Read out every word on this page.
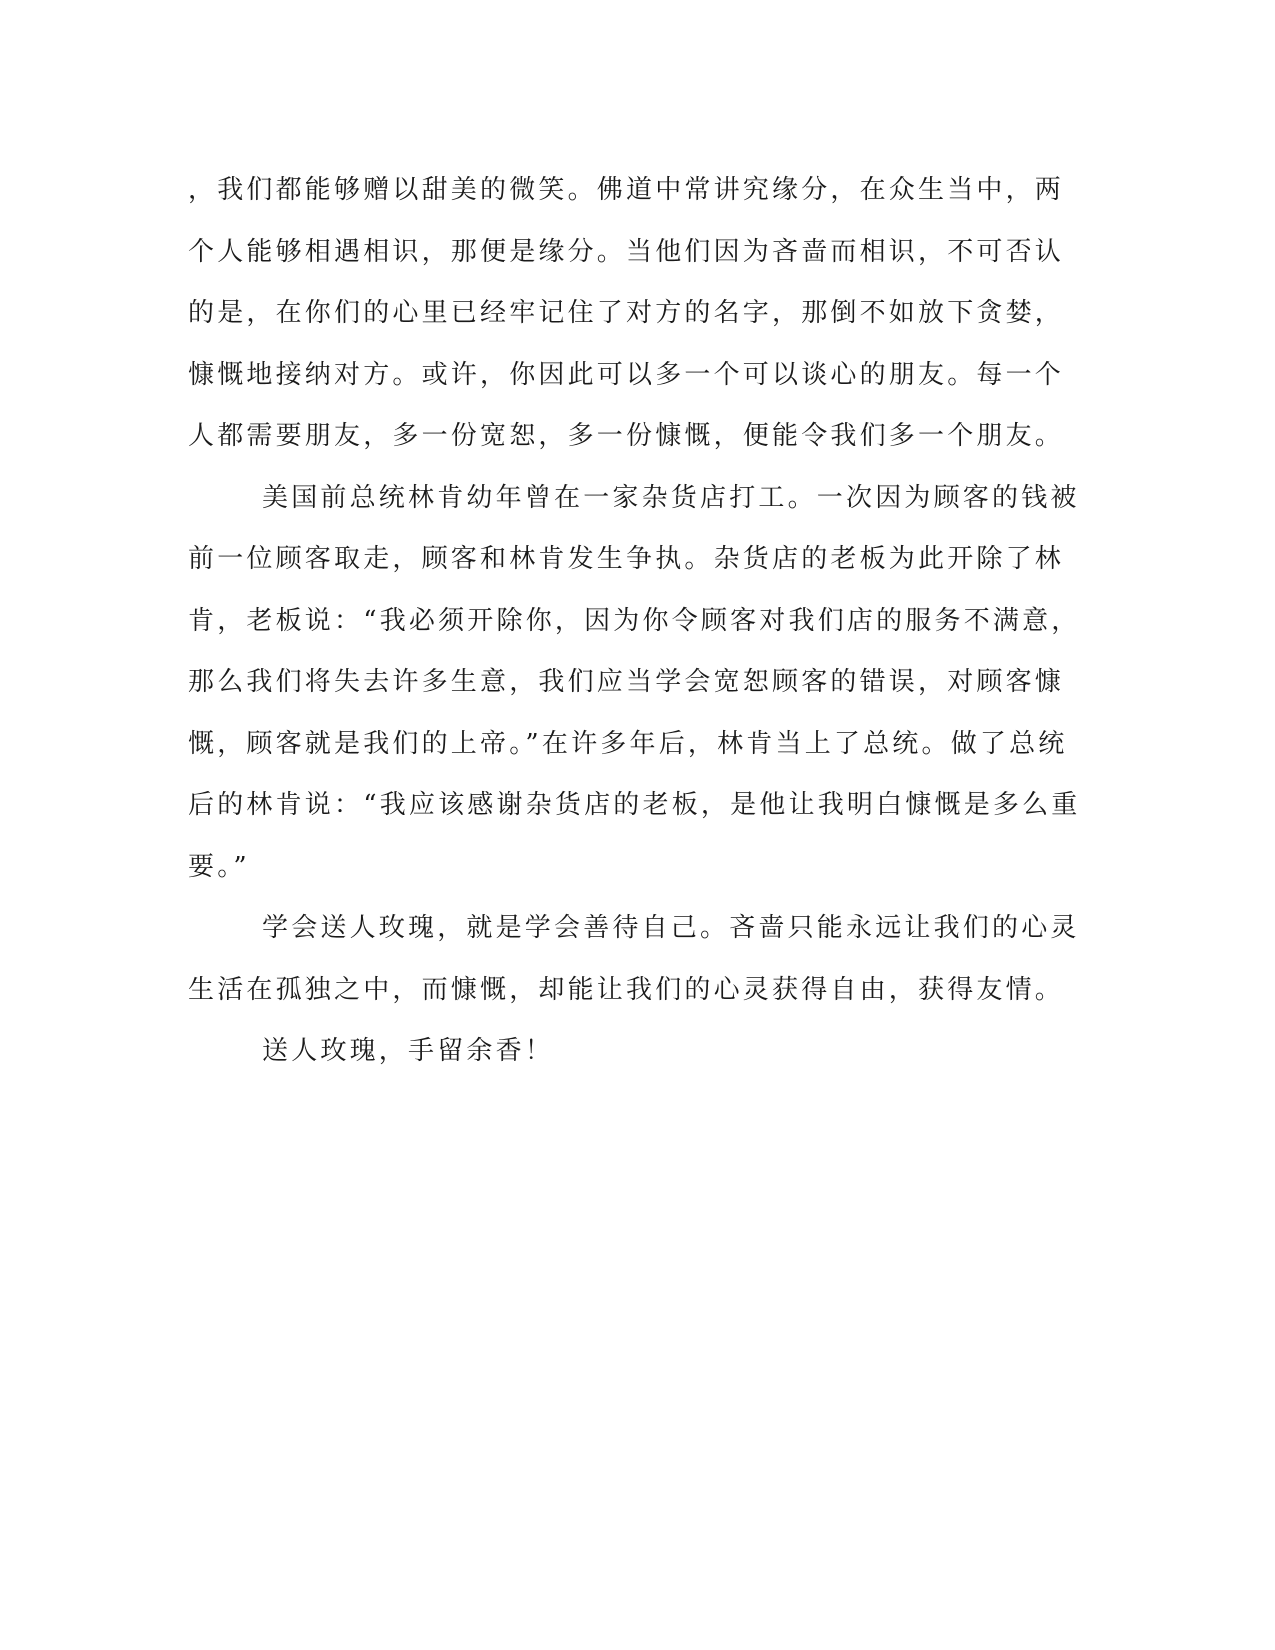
，我们都能够赠以甜美的微笑。佛道中常讲究缘分，在众生当中，两
个人能够相遇相识，那便是缘分。当他们因为吝啬而相识，不可否认
的是，在你们的心里已经牢记住了对方的名字，那倒不如放下贪婪，
慷慨地接纳对方。或许，你因此可以多一个可以谈心的朋友。每一个
人都需要朋友，多一份宽恕，多一份慷慨，便能令我们多一个朋友。
美国前总统林肯幼年曾在一家杂货店打工。一次因为顾客的钱被
前一位顾客取走，顾客和林肯发生争执。杂货店的老板为此开除了林
肯，老板说：“我必须开除你，因为你令顾客对我们店的服务不满意，
那么我们将失去许多生意，我们应当学会宽恕顾客的错误，对顾客慷
慨，顾客就是我们的上帝。”在许多年后，林肯当上了总统。做了总统
后的林肯说：“我应该感谢杂货店的老板，是他让我明白慷慨是多么重
要。”
学会送人玫瑰，就是学会善待自己。吝啬只能永远让我们的心灵
生活在孤独之中，而慷慨，却能让我们的心灵获得自由，获得友情。
送人玫瑰，手留余香！
